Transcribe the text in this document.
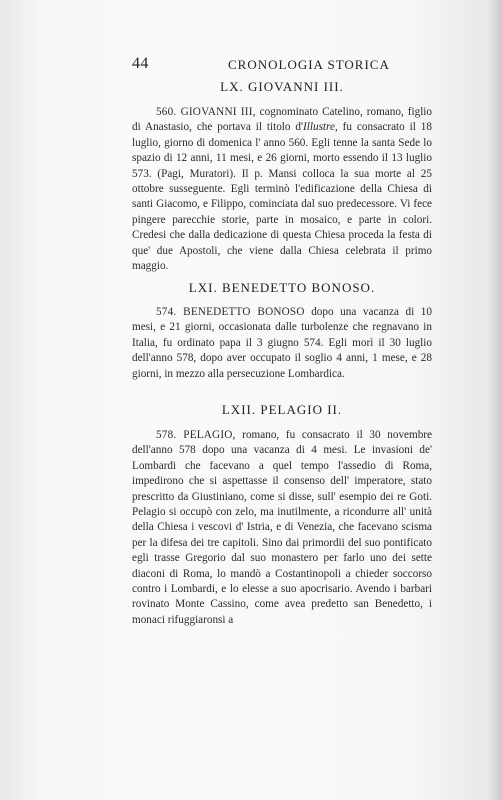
44	CRONOLOGIA STORICA
LX. GIOVANNI III.

560. GIOVANNI III, cognominato Catelino, romano, figlio di Anastasio, che portava il titolo d'Illustre, fu consacrato il 18 luglio, giorno di domenica l' anno 560. Egli tenne la santa Sede lo spazio di 12 anni, 11 mesi, e 26 giorni, morto essendo il 13 luglio 573. (Pagi, Muratori). Il p. Mansi colloca la sua morte al 25 ottobre susseguente. Egli terminò l'edificazione della Chiesa di santi Giacomo, e Filippo, cominciata dal suo predecessore. Vi fece pingere parecchie storie, parte in mosaico, e parte in colori. Credesi che dalla dedicazione di questa Chiesa proceda la festa di que' due Apostoli, che viene dalla Chiesa celebrata il primo maggio.

LXI. BENEDETTO BONOSO.

574. BENEDETTO BONOSO dopo una vacanza di 10 mesi, e 21 giorni, occasionata dalle turbolenze che regnavano in Italia, fu ordinato papa il 3 giugno 574. Egli morì il 30 luglio dell'anno 578, dopo aver occupato il soglio 4 anni, 1 mese, e 28 giorni, in mezzo alla persecuzione Lombardica.

LXII. PELAGIO II.

578. PELAGIO, romano, fu consacrato il 30 novembre dell'anno 578 dopo una vacanza di 4 mesi. Le invasioni de' Lombardi che facevano a quel tempo l'assedio di Roma, impedirono che si aspettasse il consenso dell' imperatore, stato prescritto da Giustiniano, come si disse, sull' esempio dei re Goti. Pelagio si occupò con zelo, ma inutilmente, a ricondurre all' unità della Chiesa i vescovi d' Istria, e di Venezia, che facevano scisma per la difesa dei tre capitoli. Sino dai primordii del suo pontificato egli trasse Gregorio dal suo monastero per farlo uno dei sette diaconi di Roma, lo mandò a Costantinopoli a chieder soccorso contro i Lombardi, e lo elesse a suo apocrisario. Avendo i barbari rovinato Monte Cassino, come avea predetto san Benedetto, i monaci rifuggiaronsi a
